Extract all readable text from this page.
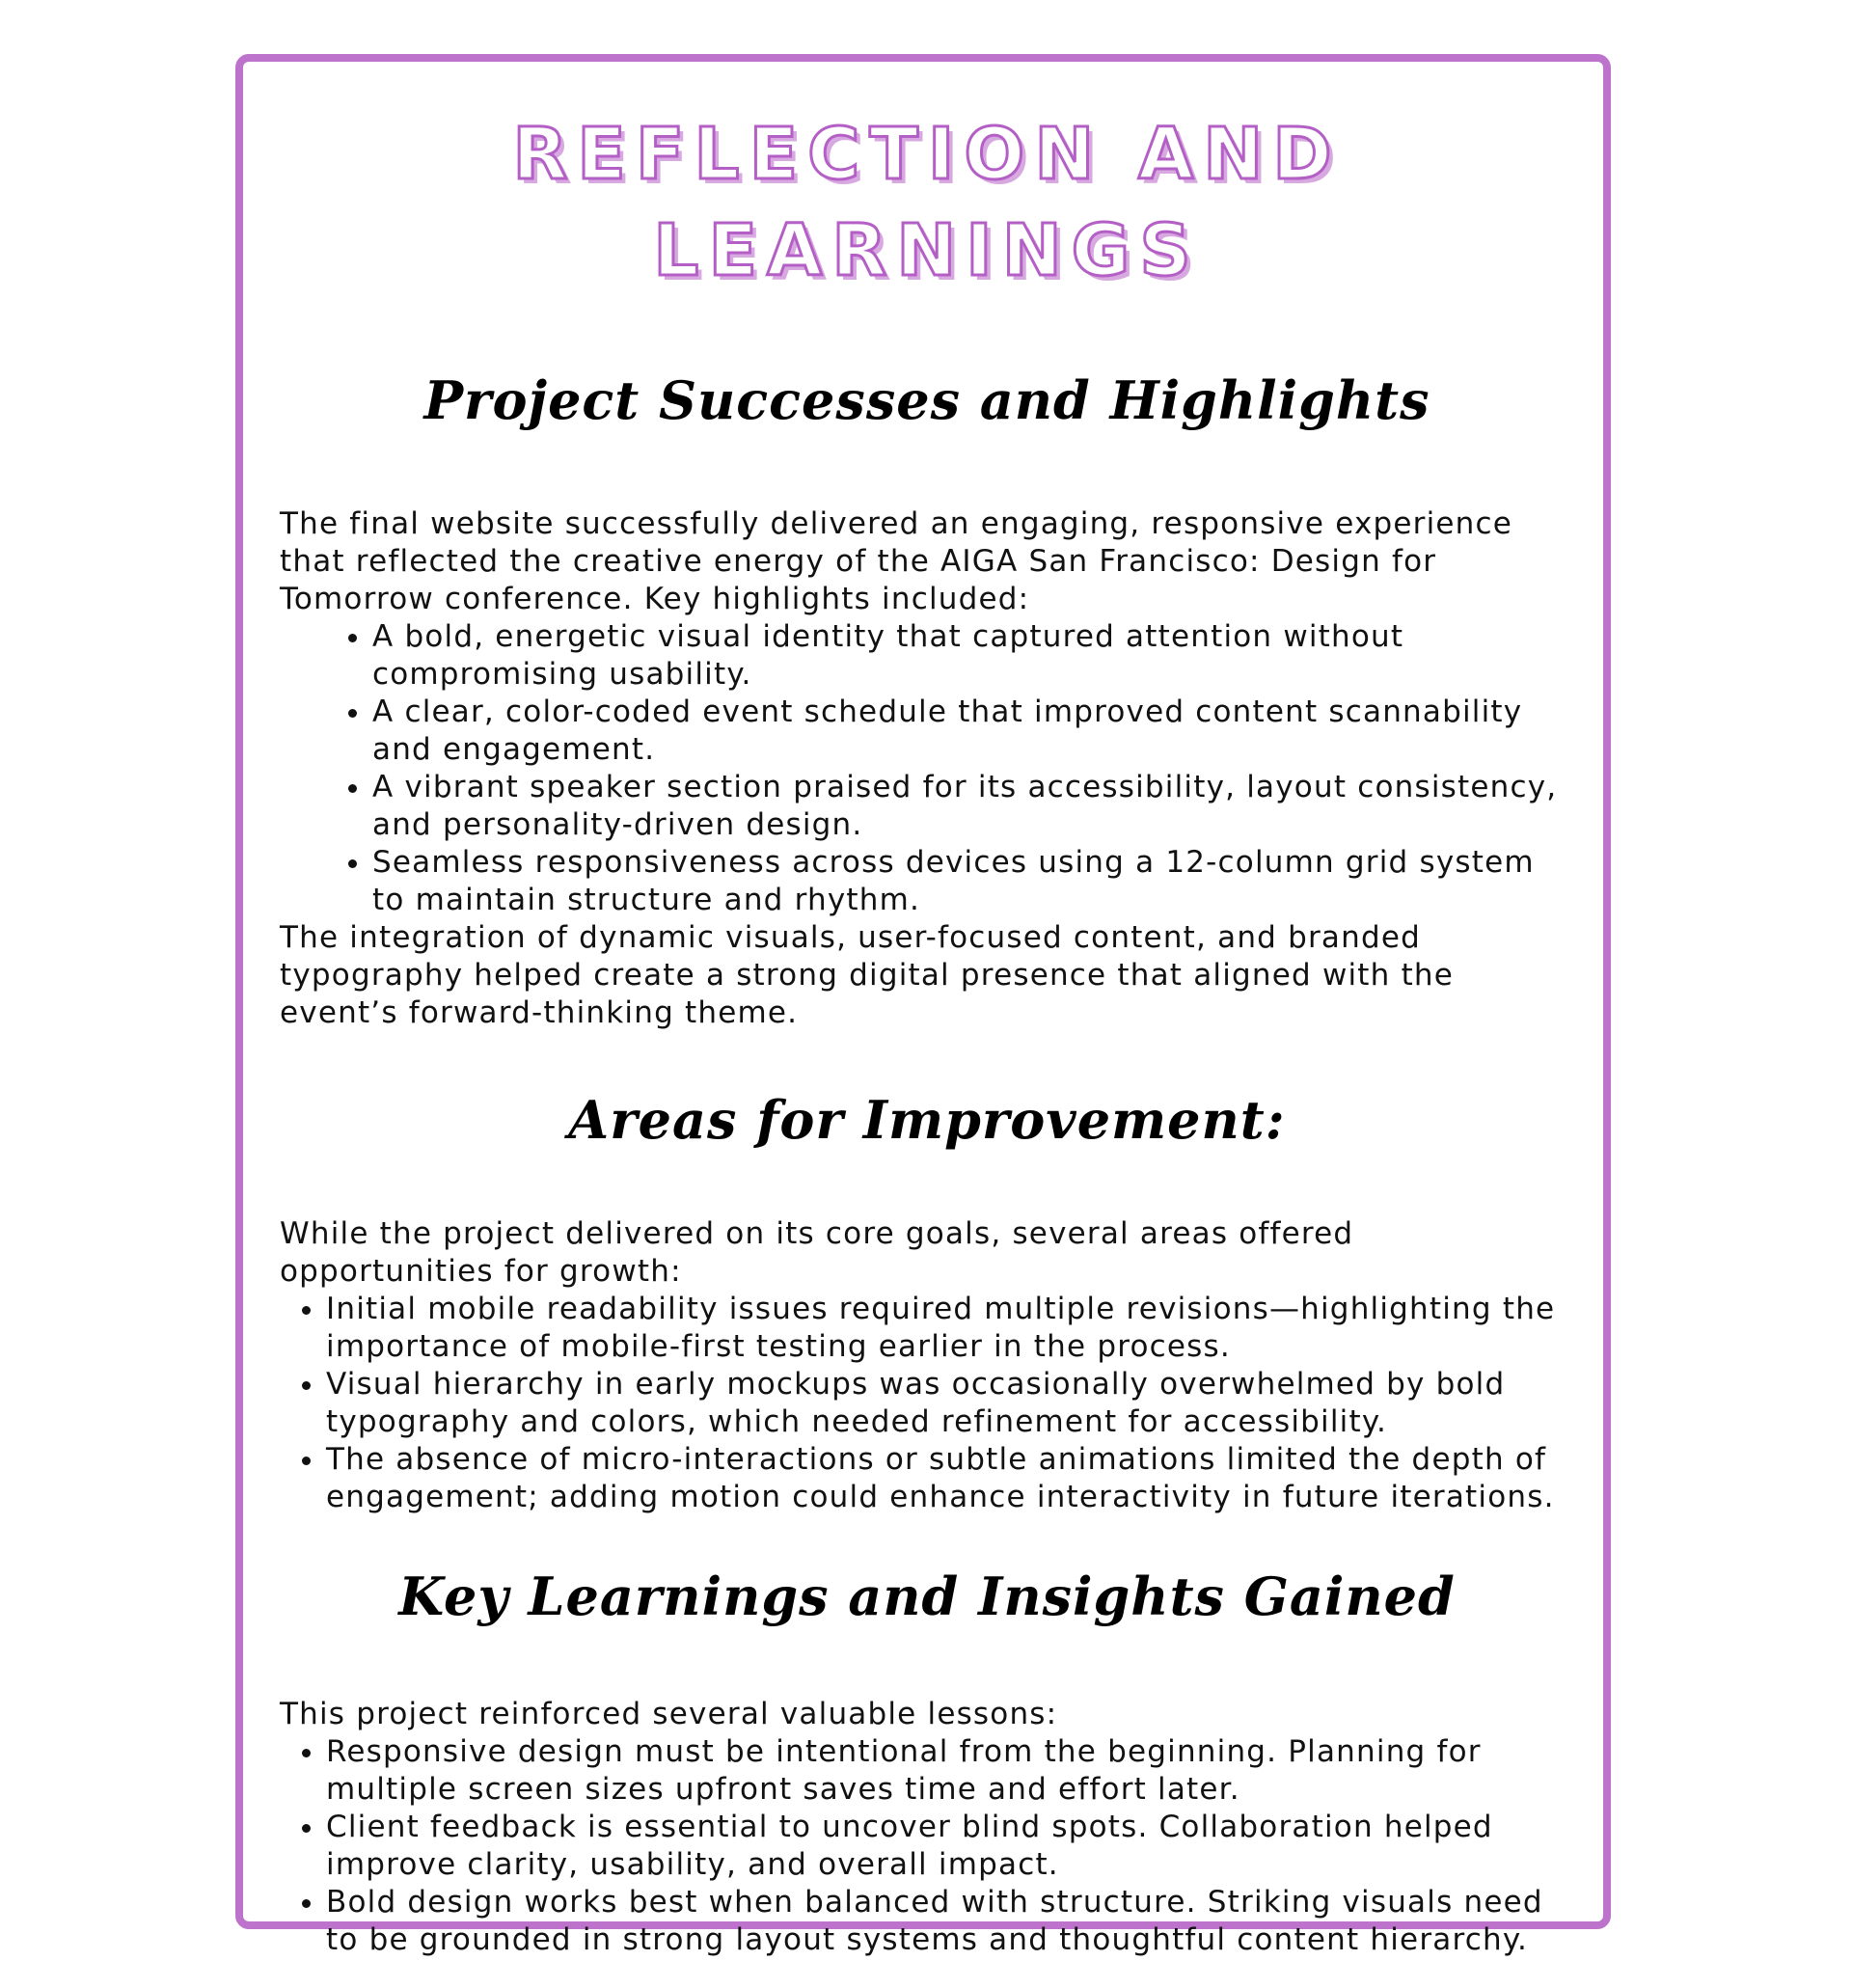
REFLECTION AND LEARNINGS
Project Successes and Highlights

The final website successfully delivered an engaging, responsive experience that reflected the creative energy of the AIGA San Francisco: Design for Tomorrow conference. Key highlights included:

• A bold, energetic visual identity that captured attention without compromising usability.
• A clear, color-coded event schedule that improved content scannability and engagement.
• A vibrant speaker section praised for its accessibility, layout consistency, and personality-driven design.
• Seamless responsiveness across devices using a 12-column grid system to maintain structure and rhythm.

The integration of dynamic visuals, user-focused content, and branded typography helped create a strong digital presence that aligned with the event’s forward-thinking theme.

Areas for Improvement:

While the project delivered on its core goals, several areas offered opportunities for growth:

• Initial mobile readability issues required multiple revisions—highlighting the importance of mobile-first testing earlier in the process.
• Visual hierarchy in early mockups was occasionally overwhelmed by bold typography and colors, which needed refinement for accessibility.
• The absence of micro-interactions or subtle animations limited the depth of engagement; adding motion could enhance interactivity in future iterations.
Key Learnings and Insights Gained

This project reinforced several valuable lessons:

• Responsive design must be intentional from the beginning. Planning for multiple screen sizes upfront saves time and effort later.
• Client feedback is essential to uncover blind spots. Collaboration helped improve clarity, usability, and overall impact.
• Bold design works best when balanced with structure. Striking visuals need to be grounded in strong layout systems and thoughtful content hierarchy.
